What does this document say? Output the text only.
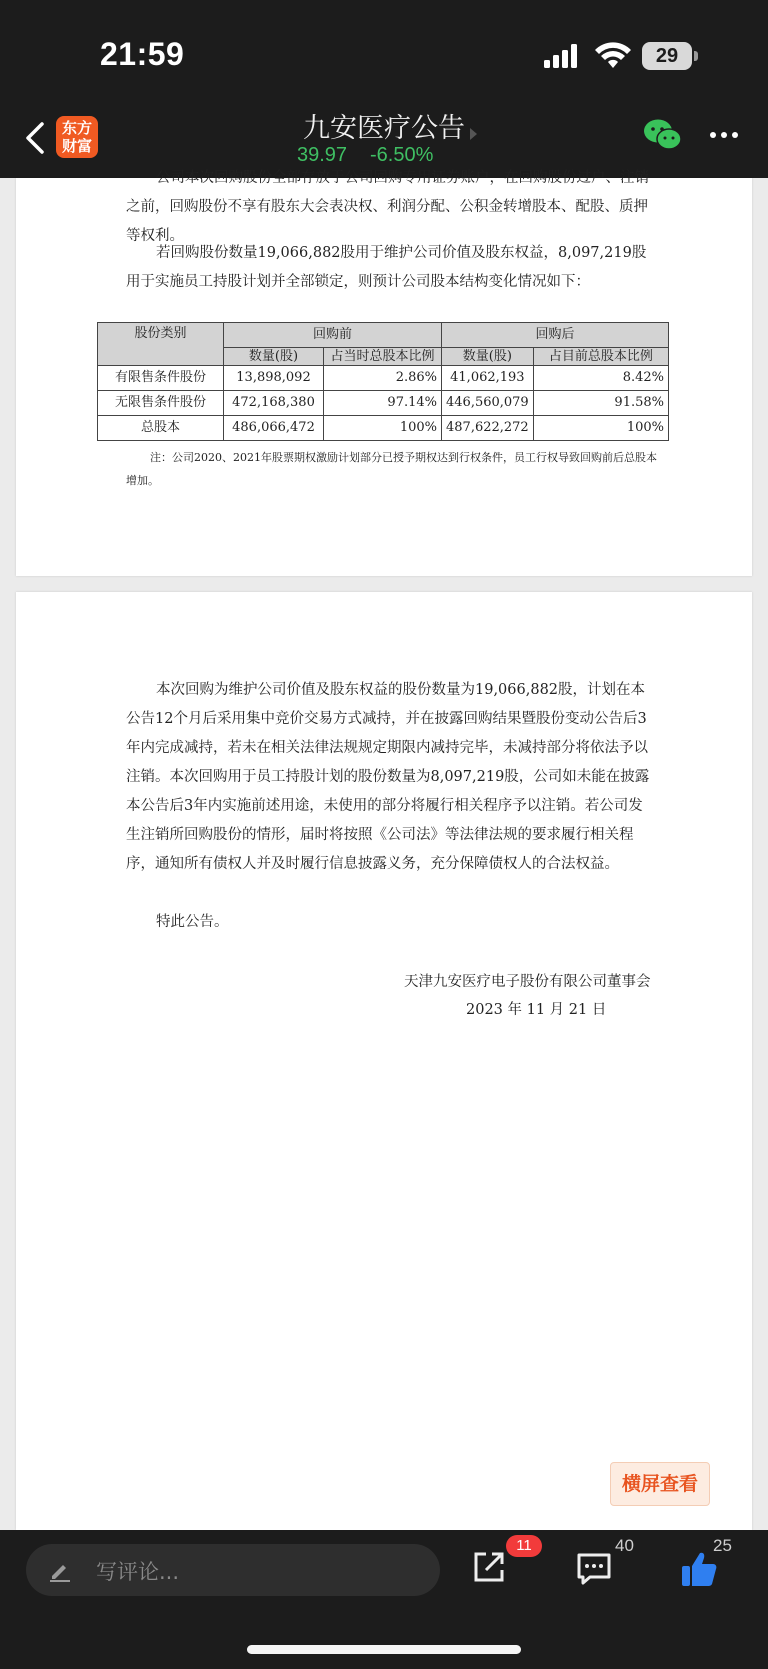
21:59	29
东方
财富
九安医疗公告
39.97 -6.50%
公司本次回购股份全部存放于公司回购专用证券账户，在回购股份过户、注销之前，回购股份不享有股东大会表决权、利润分配、公积金转增股本、配股、质押等权利。
若回购股份数量19,066,882股用于维护公司价值及股东权益，8,097,219股用于实施员工持股计划并全部锁定，则预计公司股本结构变化情况如下：
股份类别	回购前		回购后	
	数量(股)	占当时总股本比例	数量(股)	占目前总股本比例
有限售条件股份	13,898,092	2.86%	41,062,193	8.42%
无限售条件股份	472,168,380	97.14%	446,560,079	91.58%
总股本	486,066,472	100%	487,622,272	100%
注：公司2020、2021年股票期权激励计划部分已授予期权达到行权条件，员工行权导致回购前后总股本增加。
本次回购为维护公司价值及股东权益的股份数量为19,066,882股，计划在本公告12个月后采用集中竞价交易方式减持，并在披露回购结果暨股份变动公告后3年内完成减持，若未在相关法律法规规定期限内减持完毕，未减持部分将依法予以注销。本次回购用于员工持股计划的股份数量为8,097,219股，公司如未能在披露本公告后3年内实施前述用途，未使用的部分将履行相关程序予以注销。若公司发生注销所回购股份的情形，届时将按照《公司法》等法律法规的要求履行相关程序，通知所有债权人并及时履行信息披露义务，充分保障债权人的合法权益。
特此公告。
天津九安医疗电子股份有限公司董事会
2023 年 11 月 21 日
横屏查看
写评论...
11	40	25
